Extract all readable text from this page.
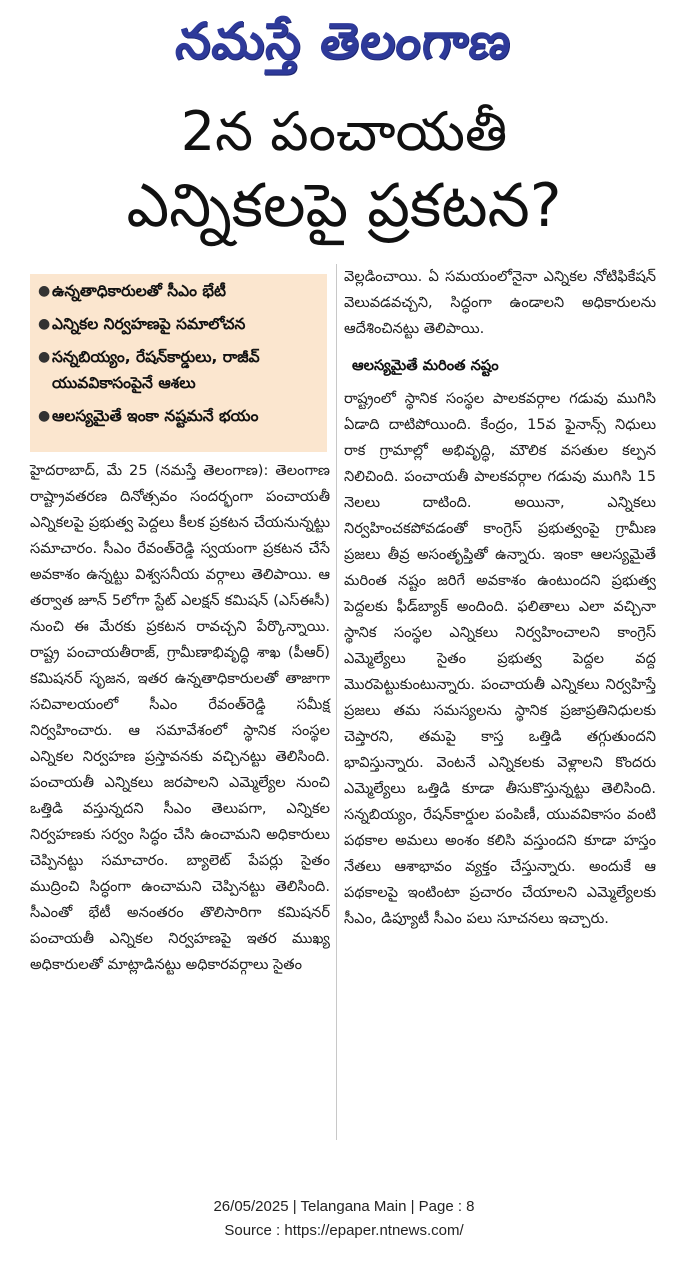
నమస్తే తెలంగాణ
2న పంచాయతీ
ఎన్నికలపై ప్రకటన?
● ఉన్నతాధికారులతో సీఎం భేటీ
● ఎన్నికల నిర్వహణపై సమాలోచన
● సన్నబియ్యం, రేషన్‌కార్డులు, రాజీవ్ యువవికాసంపైనే ఆశలు
● ఆలస్యమైతే ఇంకా నష్టమనే భయం

హైదరాబాద్, మే 25 (నమస్తే తెలంగాణ): తెలంగాణ రాష్ట్రావతరణ దినోత్సవం సందర్భంగా పంచాయతీ ఎన్నికలపై ప్రభుత్వ పెద్దలు కీలక ప్రకటన చేయనున్నట్టు సమాచారం. సీఎం రేవంత్‌రెడ్డి స్వయంగా ప్రకటన చేసే అవకాశం ఉన్నట్టు విశ్వసనీయ వర్గాలు తెలిపాయి. ఆ తర్వాత జూన్ 5లోగా స్టేట్ ఎలక్షన్ కమిషన్ (ఎస్ఈసీ) నుంచి ఈ మేరకు ప్రకటన రావచ్చని పేర్కొన్నాయి. రాష్ట్ర పంచాయతీరాజ్, గ్రామీణాభివృద్ధి శాఖ (పీఆర్) కమిషనర్ సృజన, ఇతర ఉన్నతాధికారులతో తాజాగా సచివాలయంలో సీఎం రేవంత్‌రెడ్డి సమీక్ష నిర్వహించారు. ఆ సమావేశంలో స్థానిక సంస్థల ఎన్నికల నిర్వహణ ప్రస్తావనకు వచ్చినట్టు తెలిసింది. పంచాయతీ ఎన్నికలు జరపాలని ఎమ్మెల్యేల నుంచి ఒత్తిడి వస్తున్నదని సీఎం తెలుపగా, ఎన్నికల నిర్వహణకు సర్వం సిద్ధం చేసి ఉంచామని అధికారులు చెప్పినట్టు సమాచారం. బ్యాలెట్ పేపర్లు సైతం ముద్రించి సిద్ధంగా ఉంచామని చెప్పినట్టు తెలిసింది. సీఎంతో భేటీ అనంతరం తొలిసారిగా కమిషనర్ పంచాయతీ ఎన్నికల నిర్వహణపై ఇతర ముఖ్య అధికారులతో మాట్లాడినట్టు అధికారవర్గాలు సైతం

వెల్లడించాయి. ఏ సమయంలోనైనా ఎన్నికల నోటిఫికేషన్ వెలువడవచ్చని, సిద్ధంగా ఉండాలని అధికారులను ఆదేశించినట్టు తెలిపాయి.

ఆలస్యమైతే మరింత నష్టం

రాష్ట్రంలో స్థానిక సంస్థల పాలకవర్గాల గడువు ముగిసి ఏడాది దాటిపోయింది. కేంద్రం, 15వ ఫైనాన్స్ నిధులు రాక గ్రామాల్లో అభివృద్ధి, మౌలిక వసతుల కల్పన నిలిచింది. పంచాయతీ పాలకవర్గాల గడువు ముగిసి 15 నెలలు దాటింది. అయినా, ఎన్నికలు నిర్వహించకపోవడంతో కాంగ్రెస్ ప్రభుత్వంపై గ్రామీణ ప్రజలు తీవ్ర అసంతృప్తితో ఉన్నారు. ఇంకా ఆలస్యమైతే మరింత నష్టం జరిగే అవకాశం ఉంటుందని ప్రభుత్వ పెద్దలకు ఫీడ్‌బ్యాక్ అందింది. ఫలితాలు ఎలా వచ్చినా స్థానిక సంస్థల ఎన్నికలు నిర్వహించాలని కాంగ్రెస్ ఎమ్మెల్యేలు సైతం ప్రభుత్వ పెద్దల వద్ద మొరపెట్టుకుంటున్నారు. పంచాయతీ ఎన్నికలు నిర్వహిస్తే ప్రజలు తమ సమస్యలను స్థానిక ప్రజాప్రతినిధులకు చెప్తారని, తమపై కాస్త ఒత్తిడి తగ్గుతుందని భావిస్తున్నారు. వెంటనే ఎన్నికలకు వెళ్లాలని కొందరు ఎమ్మెల్యేలు ఒత్తిడి కూడా తీసుకొస్తున్నట్టు తెలిసింది. సన్నబియ్యం, రేషన్‌కార్డుల పంపిణీ, యువవికాసం వంటి పథకాల అమలు అంశం కలిసి వస్తుందని కూడా హస్తం నేతలు ఆశాభావం వ్యక్తం చేస్తున్నారు. అందుకే ఆ పథకాలపై ఇంటింటా ప్రచారం చేయాలని ఎమ్మెల్యేలకు సీఎం, డిప్యూటీ సీఎం పలు సూచనలు ఇచ్చారు.

26/05/2025 | Telangana Main | Page : 8
Source : https://epaper.ntnews.com/
